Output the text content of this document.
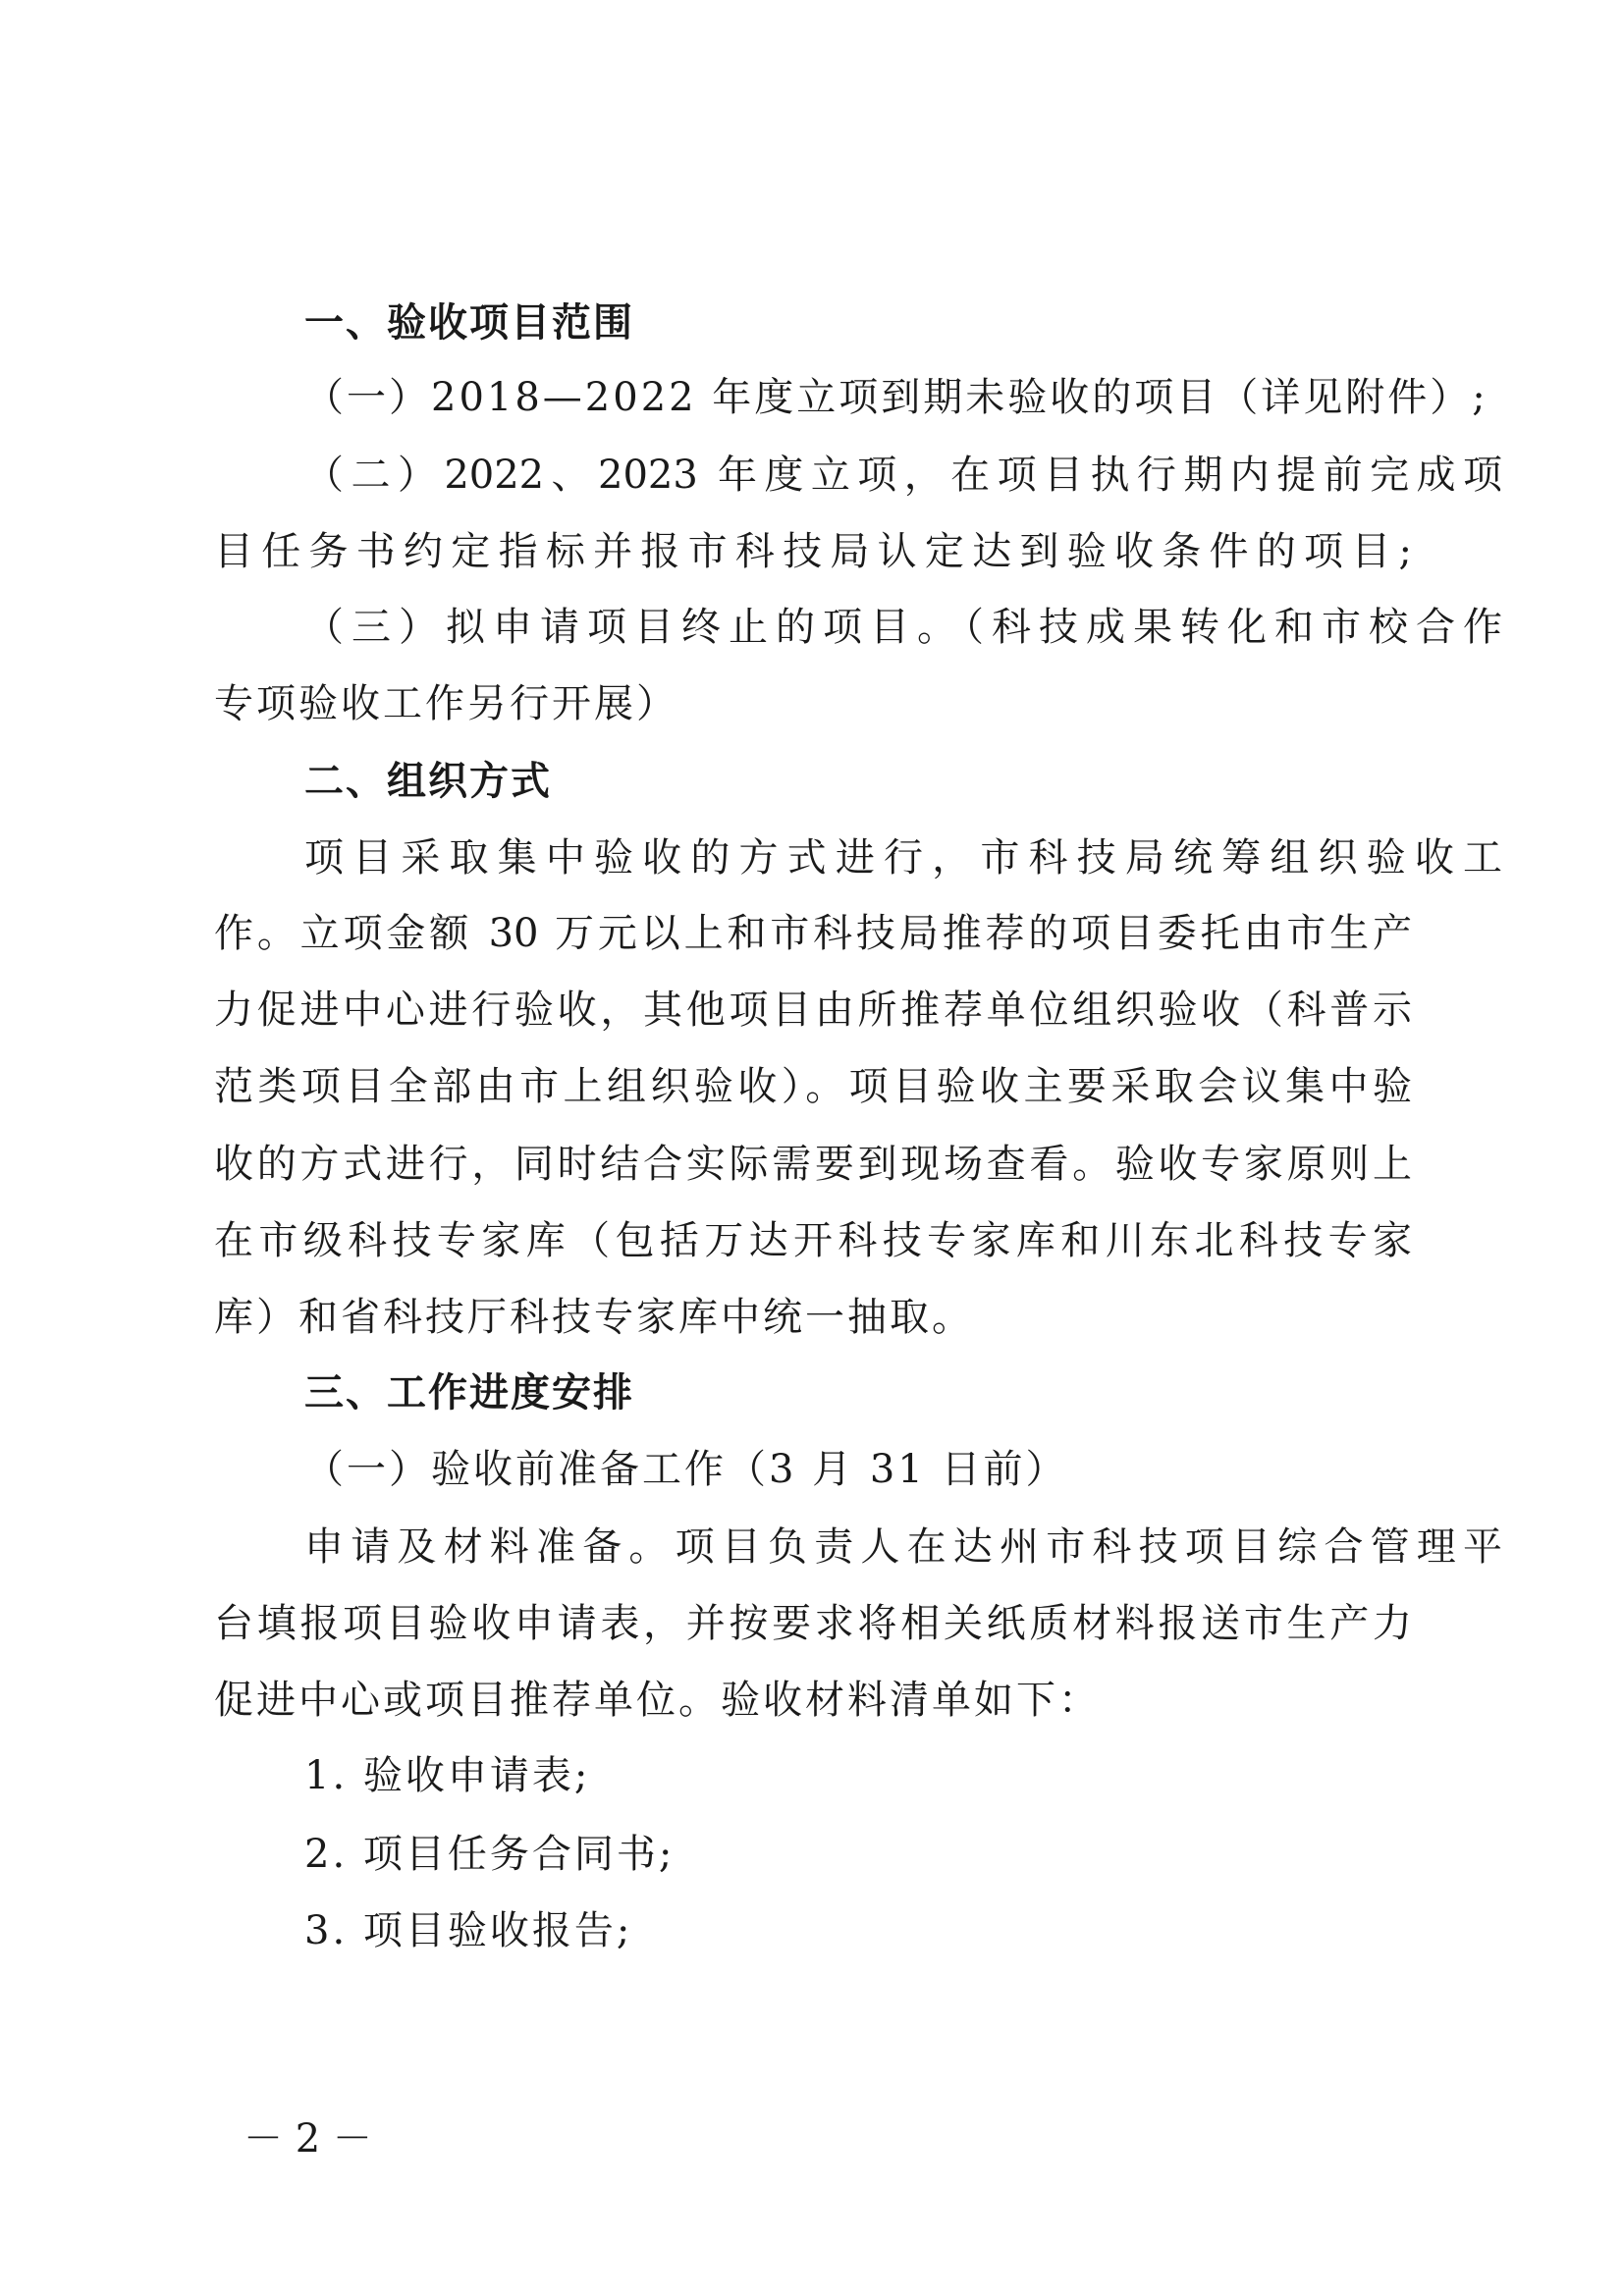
一、验收项目范围
（一）2018—2022 年度立项到期未验收的项目（详见附件）;
（二）2022、2023 年度立项，在项目执行期内提前完成项
目任务书约定指标并报市科技局认定达到验收条件的项目;
（三）拟申请项目终止的项目。（科技成果转化和市校合作
专项验收工作另行开展）
二、组织方式
项目采取集中验收的方式进行，市科技局统筹组织验收工
作。立项金额 30 万元以上和市科技局推荐的项目委托由市生产
力促进中心进行验收，其他项目由所推荐单位组织验收（科普示
范类项目全部由市上组织验收）。项目验收主要采取会议集中验
收的方式进行，同时结合实际需要到现场查看。验收专家原则上
在市级科技专家库（包括万达开科技专家库和川东北科技专家
库）和省科技厅科技专家库中统一抽取。
三、工作进度安排
（一）验收前准备工作（3 月 31 日前）
申请及材料准备。项目负责人在达州市科技项目综合管理平
台填报项目验收申请表，并按要求将相关纸质材料报送市生产力
促进中心或项目推荐单位。验收材料清单如下：
1. 验收申请表;
2. 项目任务合同书;
3. 项目验收报告;
－ 2 －
